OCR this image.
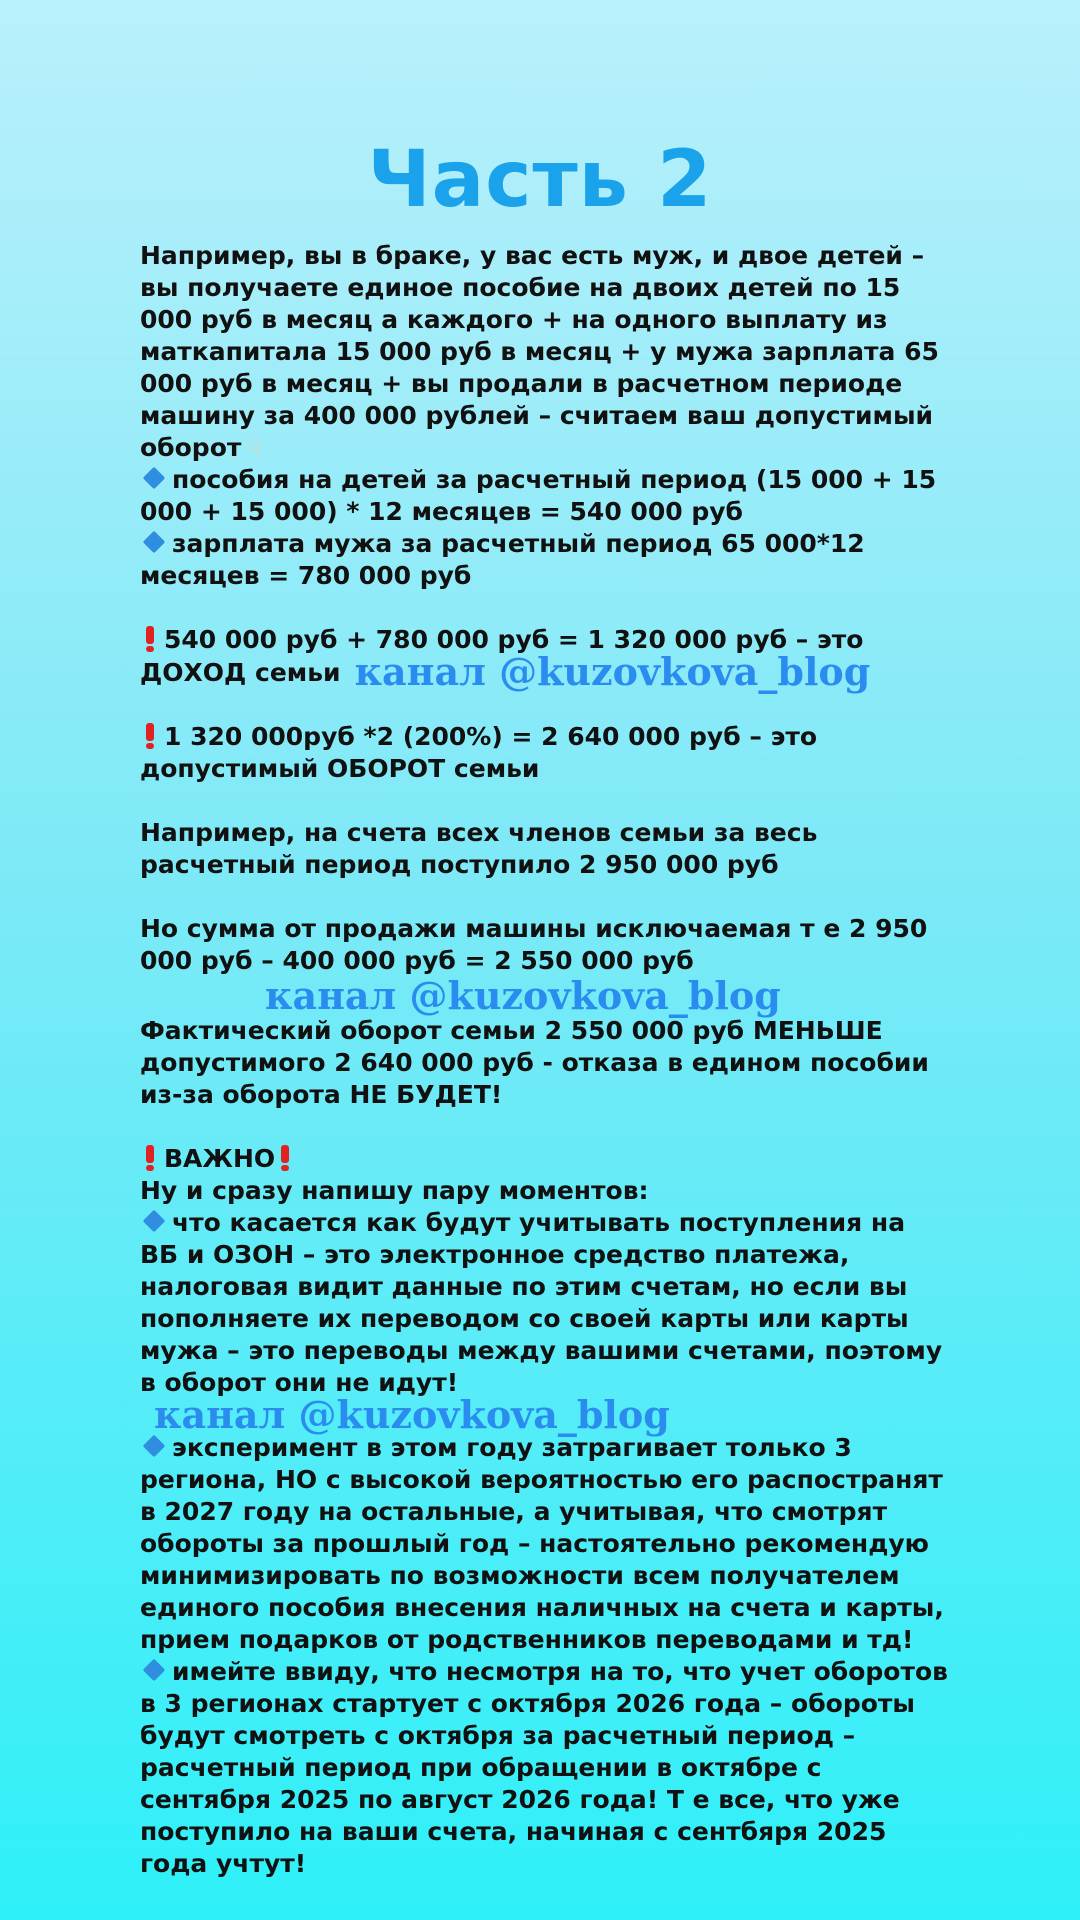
Часть 2

Например, вы в браке, у вас есть муж, и двое детей – вы получаете единое пособие на двоих детей по 15 000 руб в месяц а каждого + на одного выплату из маткапитала 15 000 руб в месяц + у мужа зарплата 65 000 руб в месяц + вы продали в расчетном периоде машину за 400 000 рублей – считаем ваш допустимый оборот ☟

пособия на детей за расчетный период (15 000 + 15 000 + 15 000) * 12 месяцев = 540 000 руб

зарплата мужа за расчетный период 65 000*12 месяцев = 780 000 руб

540 000 руб + 780 000 руб = 1 320 000 руб – это ДОХОД семьи канал @kuzovkova_blog

1 320 000руб *2 (200%) = 2 640 000 руб – это допустимый ОБОРОТ семьи

Например, на счета всех членов семьи за весь расчетный период поступило 2 950 000 руб

Но сумма от продажи машины исключаемая т е 2 950 000 руб – 400 000 руб = 2 550 000 руб

канал @kuzovkova_blog

Фактический оборот семьи 2 550 000 руб МЕНЬШЕ допустимого 2 640 000 руб - отказа в едином пособии из-за оборота НЕ БУДЕТ!

ВАЖНО

Ну и сразу напишу пару моментов:

что касается как будут учитывать поступления на ВБ и ОЗОН – это электронное средство платежа, налоговая видит данные по этим счетам, но если вы пополняете их переводом со своей карты или карты мужа – это переводы между вашими счетами, поэтому в оборот они не идут!канал @kuzovkova_blog

эксперимент в этом году затрагивает только 3 региона, НО с высокой вероятностью его распостранят в 2027 году на остальные, а учитывая, что смотрят обороты за прошлый год – настоятельно рекомендую минимизировать по возможности всем получателем единого пособия внесения наличных на счета и карты, прием подарков от родственников переводами и тд!

имейте ввиду, что несмотря на то, что учет оборотов в 3 регионах стартует с октября 2026 года – обороты будут смотреть с октября за расчетный период – расчетный период при обращении в октябре с сентября 2025 по август 2026 года! Т е все, что уже поступило на ваши счета, начиная с сентбяря 2025 года учтут!
